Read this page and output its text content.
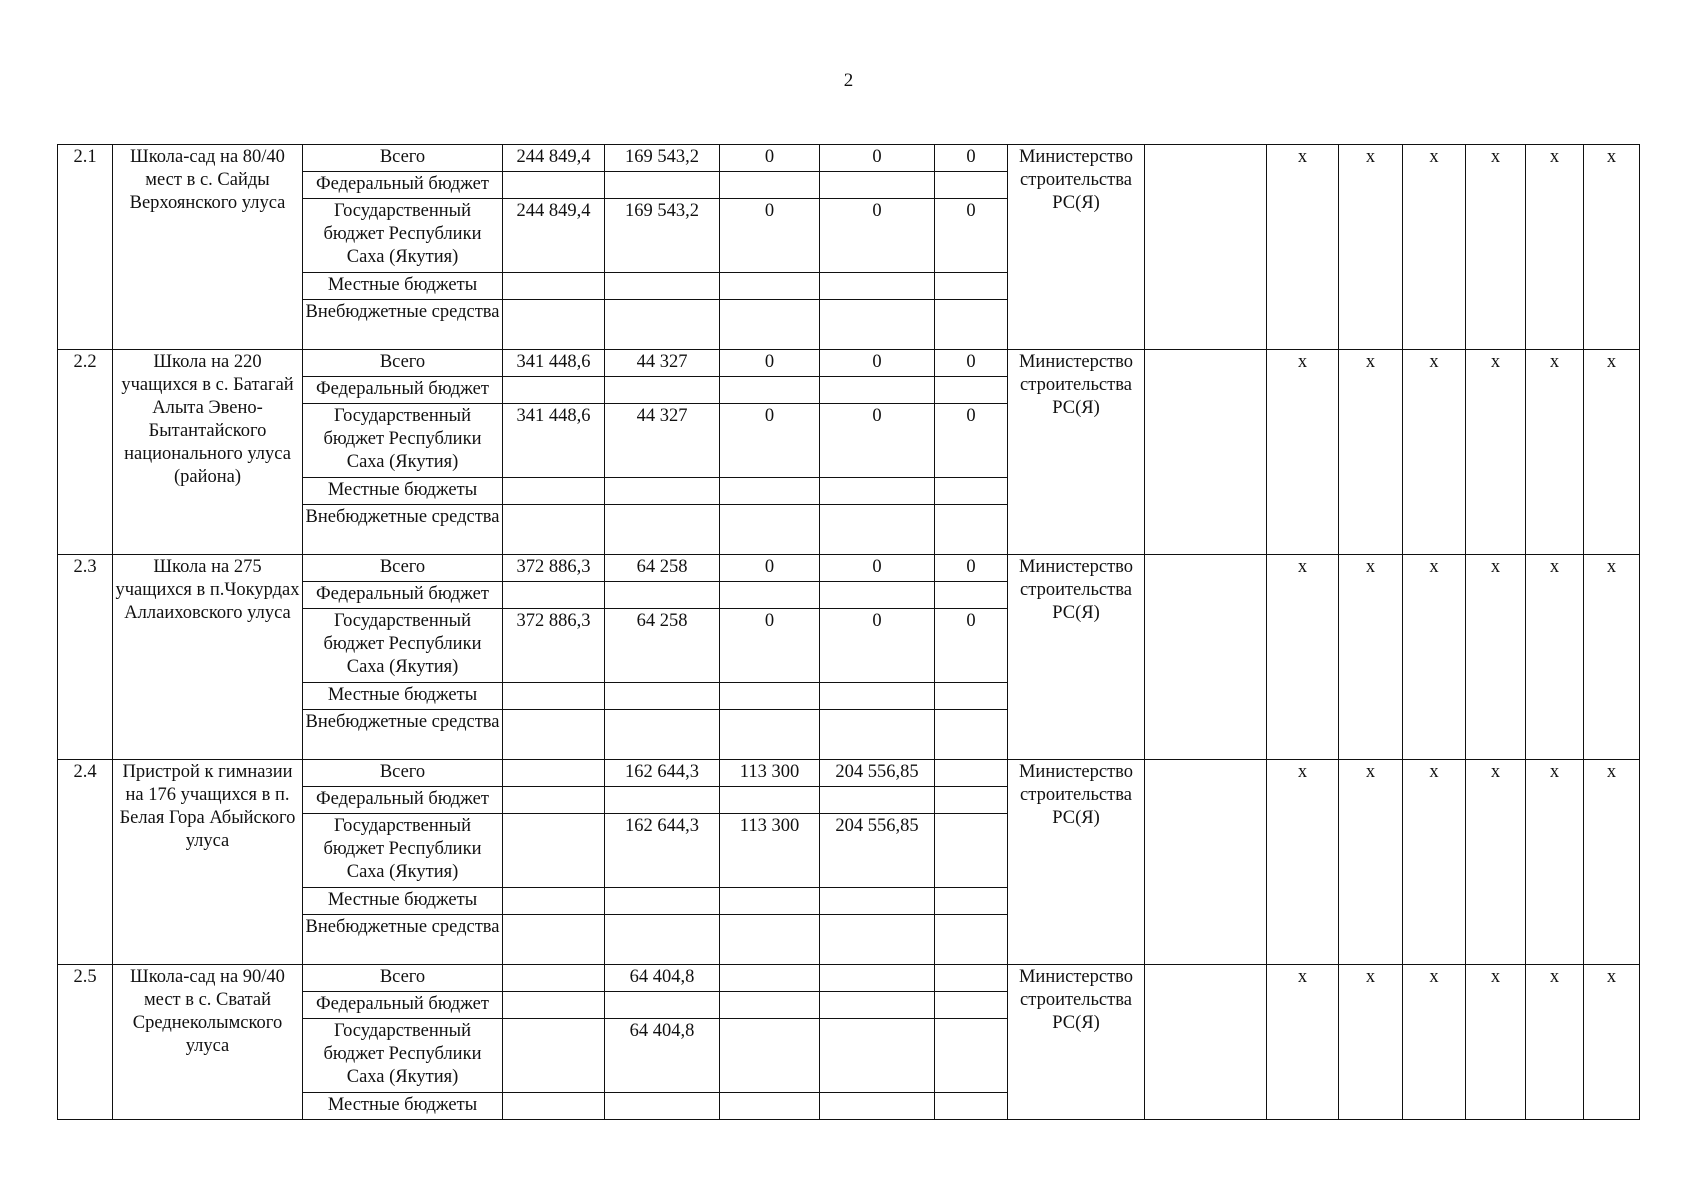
2
2.1	Школа-сад на 80/40 мест в с. Сайды Верхоянского улуса	Всего	244 849,4	169 543,2	0	0	0	Министерство строительства РС(Я)		x	x	x	x	x	x
		Федеральный бюджет													
		Государственный бюджет Республики Саха (Якутия)	244 849,4	169 543,2	0	0	0								
		Местные бюджеты													
		Внебюджетные средства													
2.2	Школа на 220 учащихся в с. Батагай Алыта Эвено-Бытантайского национального улуса (района)	Всего	341 448,6	44 327	0	0	0	Министерство строительства РС(Я)		x	x	x	x	x	x
		Федеральный бюджет													
		Государственный бюджет Республики Саха (Якутия)	341 448,6	44 327	0	0	0								
		Местные бюджеты													
		Внебюджетные средства													
2.3	Школа на 275 учащихся в п.Чокурдах Аллаиховского улуса	Всего	372 886,3	64 258	0	0	0	Министерство строительства РС(Я)		x	x	x	x	x	x
		Федеральный бюджет													
		Государственный бюджет Республики Саха (Якутия)	372 886,3	64 258	0	0	0								
		Местные бюджеты													
		Внебюджетные средства													
2.4	Пристрой к гимназии на 176 учащихся в п. Белая Гора Абыйского улуса	Всего		162 644,3	113 300	204 556,85		Министерство строительства РС(Я)		x	x	x	x	x	x
		Федеральный бюджет													
		Государственный бюджет Республики Саха (Якутия)		162 644,3	113 300	204 556,85									
		Местные бюджеты													
		Внебюджетные средства													
2.5	Школа-сад на 90/40 мест в с. Сватай Среднеколымского улуса	Всего		64 404,8				Министерство строительства РС(Я)		x	x	x	x	x	x
		Федеральный бюджет													
		Государственный бюджет Республики Саха (Якутия)		64 404,8											
		Местные бюджеты													
